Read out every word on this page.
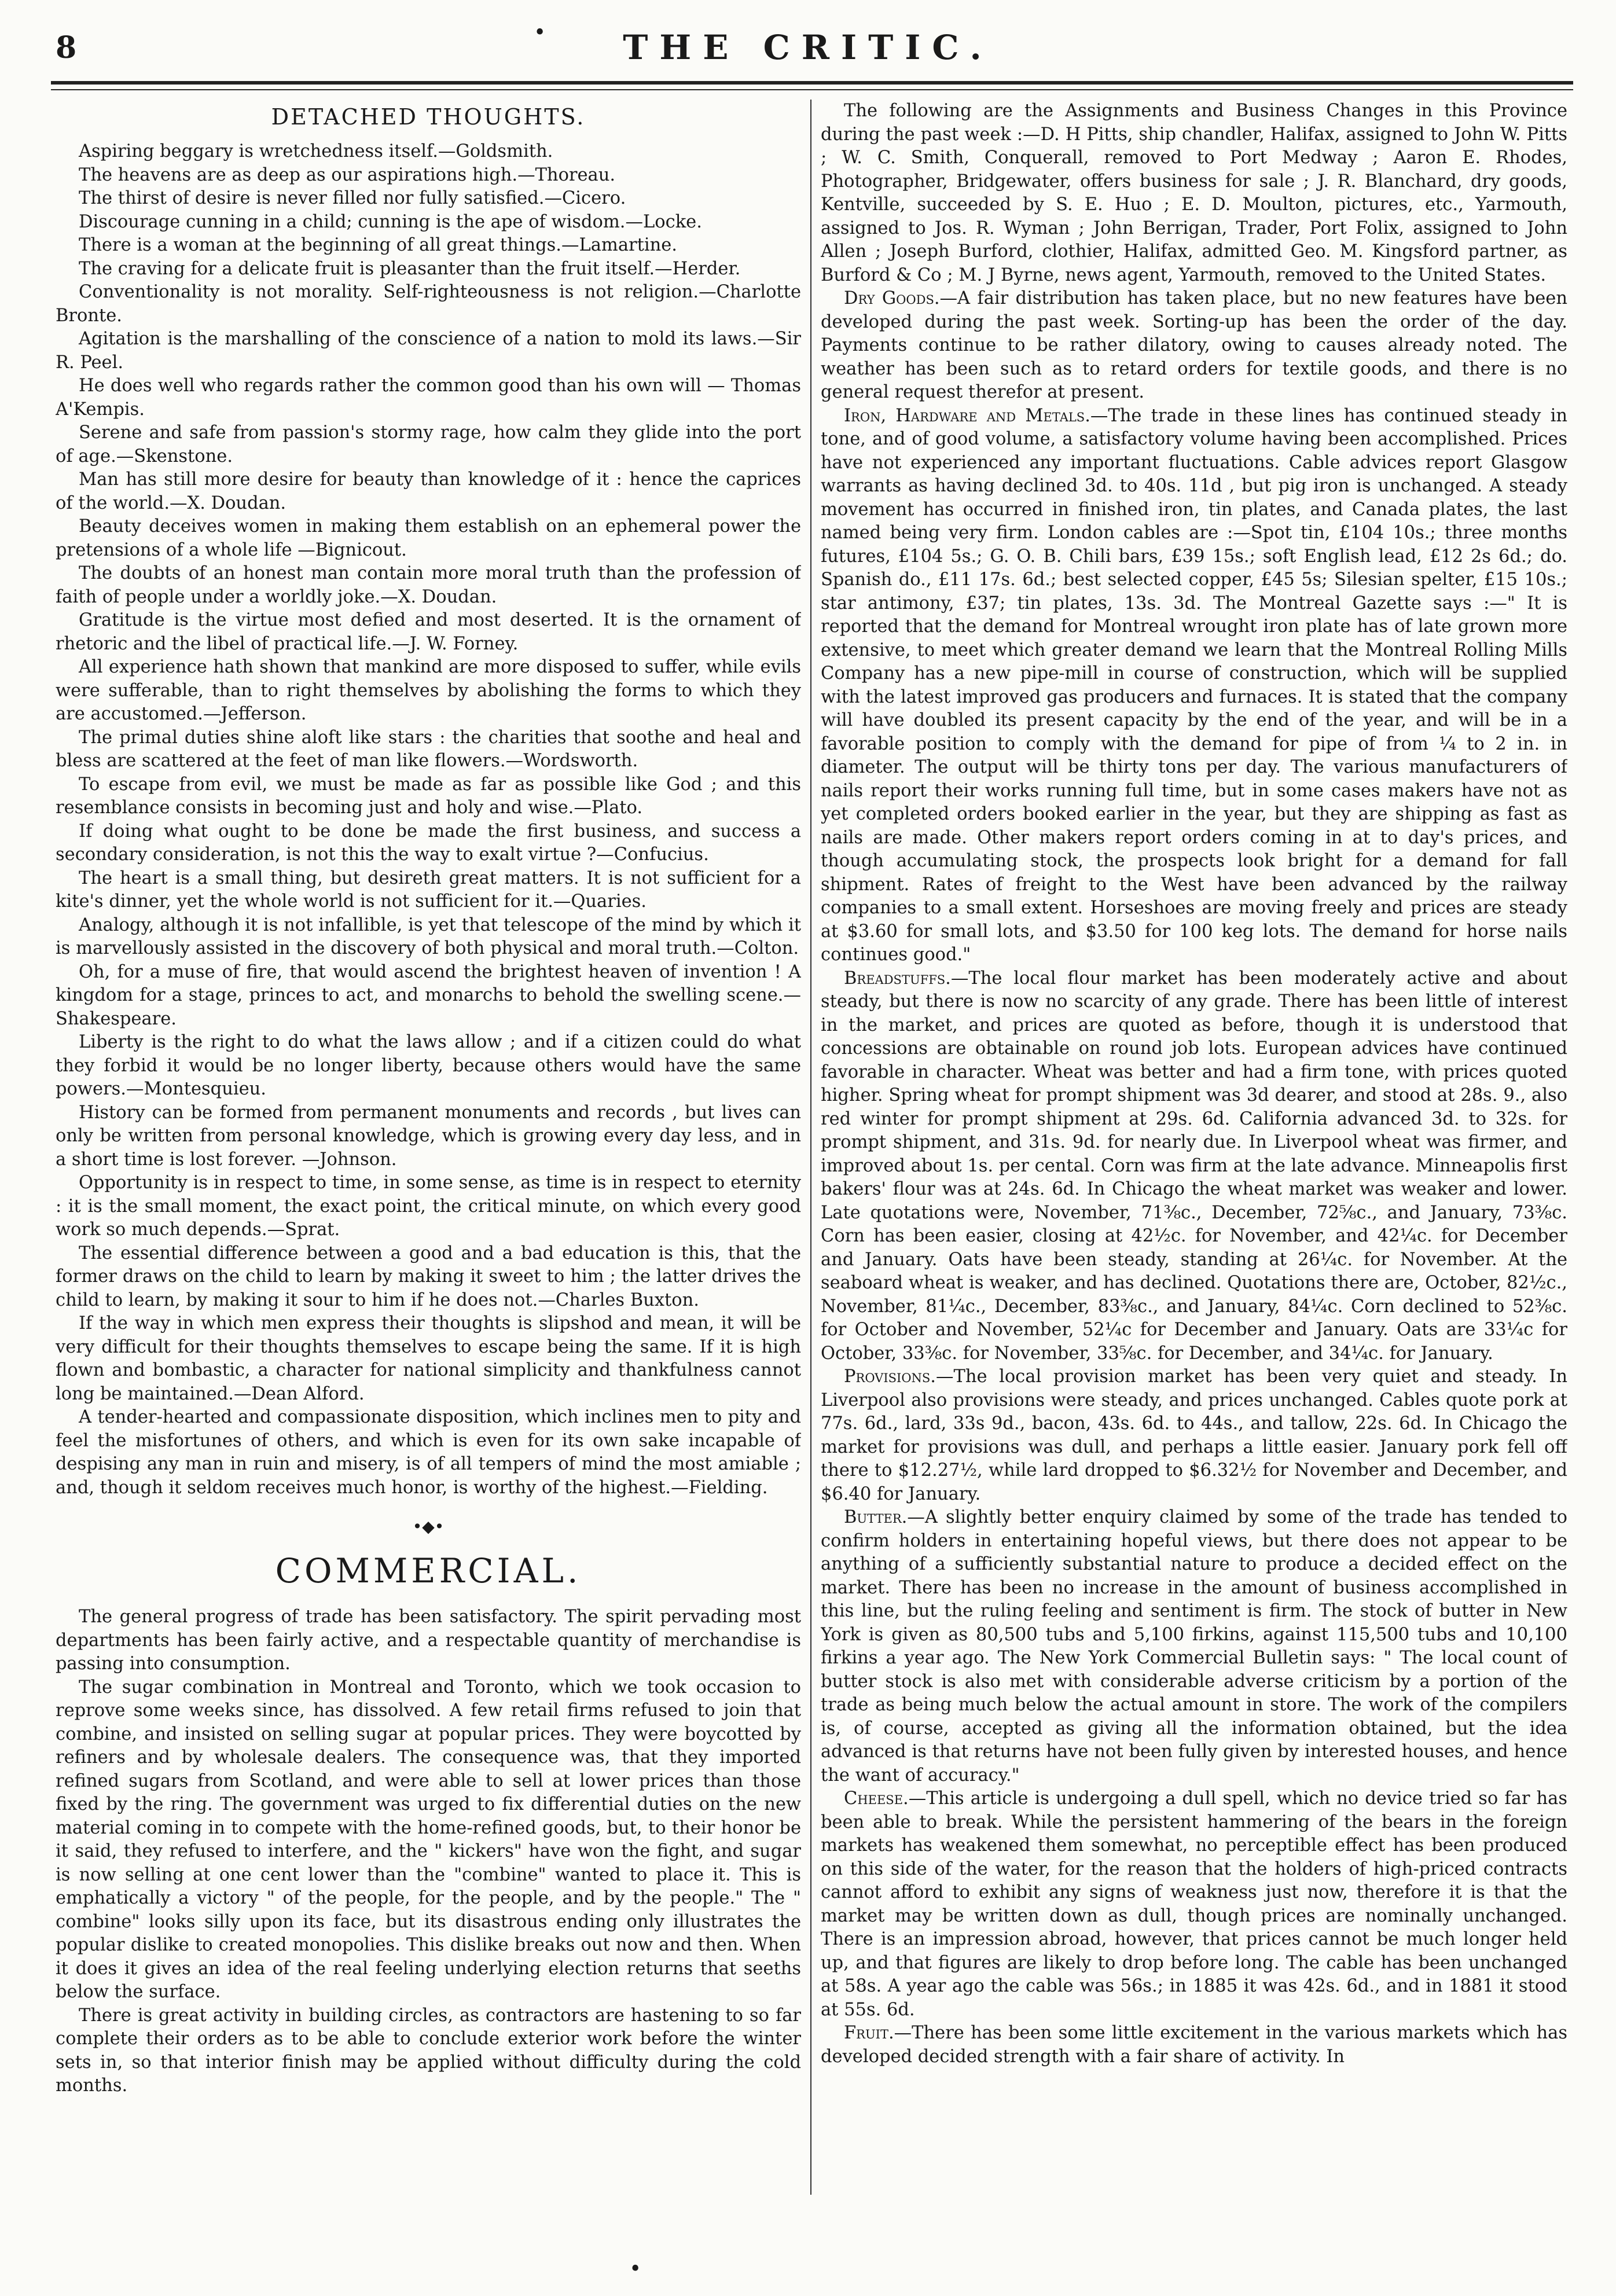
8	•	THE CRITIC.
DETACHED THOUGHTS.

Aspiring beggary is wretchedness itself.—Goldsmith.

The heavens are as deep as our aspirations high.—Thoreau.

The thirst of desire is never filled nor fully satisfied.—Cicero.

Discourage cunning in a child; cunning is the ape of wisdom.—Locke.

There is a woman at the beginning of all great things.—Lamartine.

The craving for a delicate fruit is pleasanter than the fruit itself.—Herder.

Conventionality is not morality. Self-righteousness is not religion.—Charlotte Bronte.

Agitation is the marshalling of the conscience of a nation to mold its laws.—Sir R. Peel.

He does well who regards rather the common good than his own will — Thomas A'Kempis.

Serene and safe from passion's stormy rage, how calm they glide into the port of age.—Skenstone.

Man has still more desire for beauty than knowledge of it : hence the caprices of the world.—X. Doudan.

Beauty deceives women in making them establish on an ephemeral power the pretensions of a whole life —Bignicout.

The doubts of an honest man contain more moral truth than the profession of faith of people under a worldly joke.—X. Doudan.

Gratitude is the virtue most defied and most deserted. It is the ornament of rhetoric and the libel of practical life.—J. W. Forney.

All experience hath shown that mankind are more disposed to suffer, while evils were sufferable, than to right themselves by abolishing the forms to which they are accustomed.—Jefferson.

The primal duties shine aloft like stars : the charities that soothe and heal and bless are scattered at the feet of man like flowers.—Wordsworth.

To escape from evil, we must be made as far as possible like God ; and this resemblance consists in becoming just and holy and wise.—Plato.

If doing what ought to be done be made the first business, and success a secondary consideration, is not this the way to exalt virtue ?—Confucius.

The heart is a small thing, but desireth great matters. It is not sufficient for a kite's dinner, yet the whole world is not sufficient for it.—Quaries.

Analogy, although it is not infallible, is yet that telescope of the mind by which it is marvellously assisted in the discovery of both physical and moral truth.—Colton.

Oh, for a muse of fire, that would ascend the brightest heaven of invention ! A kingdom for a stage, princes to act, and monarchs to behold the swelling scene.—Shakespeare.

Liberty is the right to do what the laws allow ; and if a citizen could do what they forbid it would be no longer liberty, because others would have the same powers.—Montesquieu.

History can be formed from permanent monuments and records , but lives can only be written from personal knowledge, which is growing every day less, and in a short time is lost forever. —Johnson.

Opportunity is in respect to time, in some sense, as time is in respect to eternity : it is the small moment, the exact point, the critical minute, on which every good work so much depends.—Sprat.

The essential difference between a good and a bad education is this, that the former draws on the child to learn by making it sweet to him ; the latter drives the child to learn, by making it sour to him if he does not.—Charles Buxton.

If the way in which men express their thoughts is slipshod and mean, it will be very difficult for their thoughts themselves to escape being the same. If it is high flown and bombastic, a character for national simplicity and thankfulness cannot long be maintained.—Dean Alford.

A tender-hearted and compassionate disposition, which inclines men to pity and feel the misfortunes of others, and which is even for its own sake incapable of despising any man in ruin and misery, is of all tempers of mind the most amiable ; and, though it seldom receives much honor, is worthy of the highest.—Fielding.

•◆•
COMMERCIAL.

The general progress of trade has been satisfactory. The spirit pervading most departments has been fairly active, and a respectable quantity of merchandise is passing into consumption.

The sugar combination in Montreal and Toronto, which we took occasion to reprove some weeks since, has dissolved. A few retail firms refused to join that combine, and insisted on selling sugar at popular prices. They were boycotted by refiners and by wholesale dealers. The consequence was, that they imported refined sugars from Scotland, and were able to sell at lower prices than those fixed by the ring. The government was urged to fix differential duties on the new material coming in to compete with the home-refined goods, but, to their honor be it said, they refused to interfere, and the " kickers" have won the fight, and sugar is now selling at one cent lower than the "combine" wanted to place it. This is emphatically a victory " of the people, for the people, and by the people." The " combine" looks silly upon its face, but its disastrous ending only illustrates the popular dislike to created monopolies. This dislike breaks out now and then. When it does it gives an idea of the real feeling underlying election returns that seeths below the surface.

There is great activity in building circles, as contractors are hastening to so far complete their orders as to be able to conclude exterior work before the winter sets in, so that interior finish may be applied without difficulty during the cold months.

The following are the Assignments and Business Changes in this Province during the past week :—D. H Pitts, ship chandler, Halifax, assigned to John W. Pitts ; W. C. Smith, Conquerall, removed to Port Medway ; Aaron E. Rhodes, Photographer, Bridgewater, offers business for sale ; J. R. Blanchard, dry goods, Kentville, succeeded by S. E. Huo ; E. D. Moulton, pictures, etc., Yarmouth, assigned to Jos. R. Wyman ; John Berrigan, Trader, Port Folix, assigned to John Allen ; Joseph Burford, clothier, Halifax, admitted Geo. M. Kingsford partner, as Burford & Co ; M. J Byrne, news agent, Yarmouth, removed to the United States.

Dry Goods.—A fair distribution has taken place, but no new features have been developed during the past week. Sorting-up has been the order of the day. Payments continue to be rather dilatory, owing to causes already noted. The weather has been such as to retard orders for textile goods, and there is no general request therefor at present.

Iron, Hardware and Metals.—The trade in these lines has continued steady in tone, and of good volume, a satisfactory volume having been accomplished. Prices have not experienced any important fluctuations. Cable advices report Glasgow warrants as having declined 3d. to 40s. 11d , but pig iron is unchanged. A steady movement has occurred in finished iron, tin plates, and Canada plates, the last named being very firm. London cables are :—Spot tin, £104 10s.; three months futures, £104 5s.; G. O. B. Chili bars, £39 15s.; soft English lead, £12 2s 6d.; do. Spanish do., £11 17s. 6d.; best selected copper, £45 5s; Silesian spelter, £15 10s.; star antimony, £37; tin plates, 13s. 3d. The Montreal Gazette says :—" It is reported that the demand for Montreal wrought iron plate has of late grown more extensive, to meet which greater demand we learn that the Montreal Rolling Mills Company has a new pipe-mill in course of construction, which will be supplied with the latest improved gas producers and furnaces. It is stated that the company will have doubled its present capacity by the end of the year, and will be in a favorable position to comply with the demand for pipe of from ¼ to 2 in. in diameter. The output will be thirty tons per day. The various manufacturers of nails report their works running full time, but in some cases makers have not as yet completed orders booked earlier in the year, but they are shipping as fast as nails are made. Other makers report orders coming in at to day's prices, and though accumulating stock, the prospects look bright for a demand for fall shipment. Rates of freight to the West have been advanced by the railway companies to a small extent. Horseshoes are moving freely and prices are steady at $3.60 for small lots, and $3.50 for 100 keg lots. The demand for horse nails continues good."

Breadstuffs.—The local flour market has been moderately active and about steady, but there is now no scarcity of any grade. There has been little of interest in the market, and prices are quoted as before, though it is understood that concessions are obtainable on round job lots. European advices have continued favorable in character. Wheat was better and had a firm tone, with prices quoted higher. Spring wheat for prompt shipment was 3d dearer, and stood at 28s. 9., also red winter for prompt shipment at 29s. 6d. California advanced 3d. to 32s. for prompt shipment, and 31s. 9d. for nearly due. In Liverpool wheat was firmer, and improved about 1s. per cental. Corn was firm at the late advance. Minneapolis first bakers' flour was at 24s. 6d. In Chicago the wheat market was weaker and lower. Late quotations were, November, 71⅜c., December, 72⅝c., and January, 73⅜c. Corn has been easier, closing at 42½c. for November, and 42¼c. for December and January. Oats have been steady, standing at 26¼c. for November. At the seaboard wheat is weaker, and has declined. Quotations there are, October, 82½c., November, 81¼c., December, 83⅜c., and January, 84¼c. Corn declined to 52⅜c. for October and November, 52¼c for December and January. Oats are 33¼c for October, 33⅜c. for November, 33⅝c. for December, and 34¼c. for January.

Provisions.—The local provision market has been very quiet and steady. In Liverpool also provisions were steady, and prices unchanged. Cables quote pork at 77s. 6d., lard, 33s 9d., bacon, 43s. 6d. to 44s., and tallow, 22s. 6d. In Chicago the market for provisions was dull, and perhaps a little easier. January pork fell off there to $12.27½, while lard dropped to $6.32½ for November and December, and $6.40 for January.

Butter.—A slightly better enquiry claimed by some of the trade has tended to confirm holders in entertaining hopeful views, but there does not appear to be anything of a sufficiently substantial nature to produce a decided effect on the market. There has been no increase in the amount of business accomplished in this line, but the ruling feeling and sentiment is firm. The stock of butter in New York is given as 80,500 tubs and 5,100 firkins, against 115,500 tubs and 10,100 firkins a year ago. The New York Commercial Bulletin says: " The local count of butter stock is also met with considerable adverse criticism by a portion of the trade as being much below the actual amount in store. The work of the compilers is, of course, accepted as giving all the information obtained, but the idea advanced is that returns have not been fully given by interested houses, and hence the want of accuracy."

Cheese.—This article is undergoing a dull spell, which no device tried so far has been able to break. While the persistent hammering of the bears in the foreign markets has weakened them somewhat, no perceptible effect has been produced on this side of the water, for the reason that the holders of high-priced contracts cannot afford to exhibit any signs of weakness just now, therefore it is that the market may be written down as dull, though prices are nominally unchanged. There is an impression abroad, however, that prices cannot be much longer held up, and that figures are likely to drop before long. The cable has been unchanged at 58s. A year ago the cable was 56s.; in 1885 it was 42s. 6d., and in 1881 it stood at 55s. 6d.

Fruit.—There has been some little excitement in the various markets which has developed decided strength with a fair share of activity. In

•
